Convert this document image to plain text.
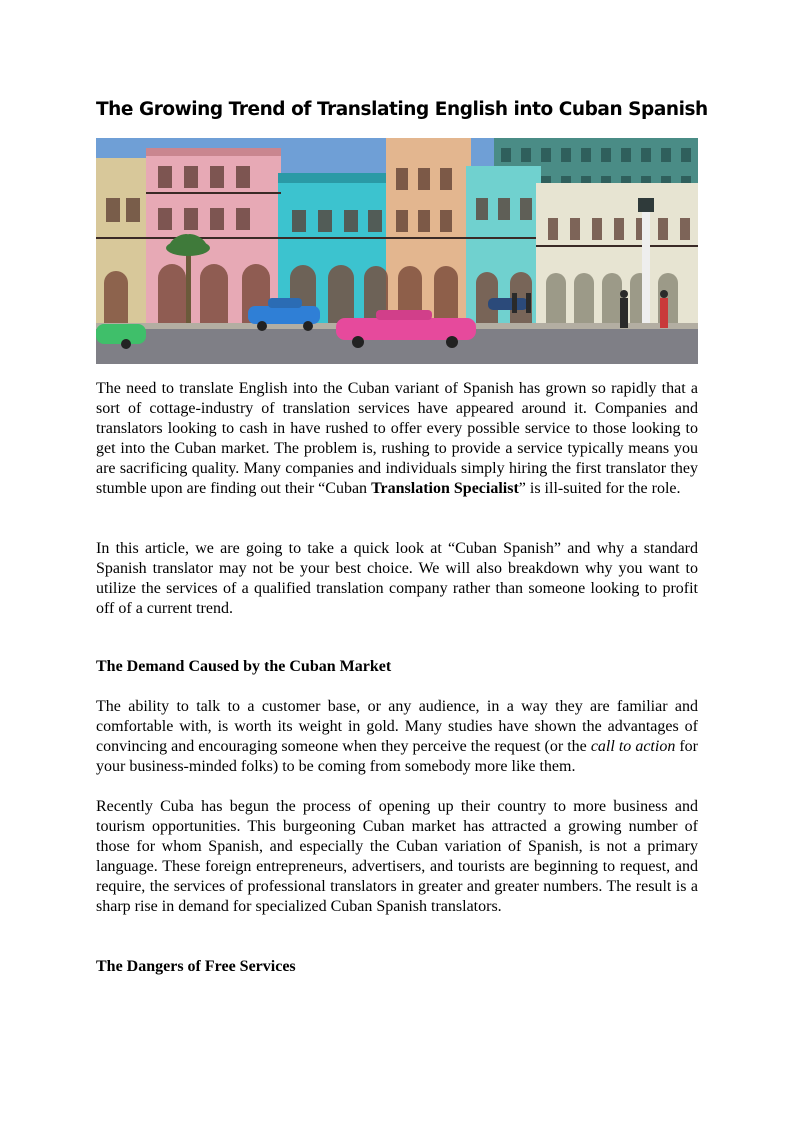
The Growing Trend of Translating English into Cuban Spanish

The need to translate English into the Cuban variant of Spanish has grown so rapidly that a sort of cottage-industry of translation services have appeared around it. Companies and translators looking to cash in have rushed to offer every possible service to those looking to get into the Cuban market. The problem is, rushing to provide a service typically means you are sacrificing quality. Many companies and individuals simply hiring the first translator they stumble upon are finding out their “Cuban Translation Specialist” is ill-suited for the role.

In this article, we are going to take a quick look at “Cuban Spanish” and why a standard Spanish translator may not be your best choice. We will also breakdown why you want to utilize the services of a qualified translation company rather than someone looking to profit off of a current trend.

The Demand Caused by the Cuban Market

The ability to talk to a customer base, or any audience, in a way they are familiar and comfortable with, is worth its weight in gold. Many studies have shown the advantages of convincing and encouraging someone when they perceive the request (or the call to action for your business-minded folks) to be coming from somebody more like them.

Recently Cuba has begun the process of opening up their country to more business and tourism opportunities. This burgeoning Cuban market has attracted a growing number of those for whom Spanish, and especially the Cuban variation of Spanish, is not a primary language. These foreign entrepreneurs, advertisers, and tourists are beginning to request, and require, the services of professional translators in greater and greater numbers. The result is a sharp rise in demand for specialized Cuban Spanish translators.

The Dangers of Free Services
